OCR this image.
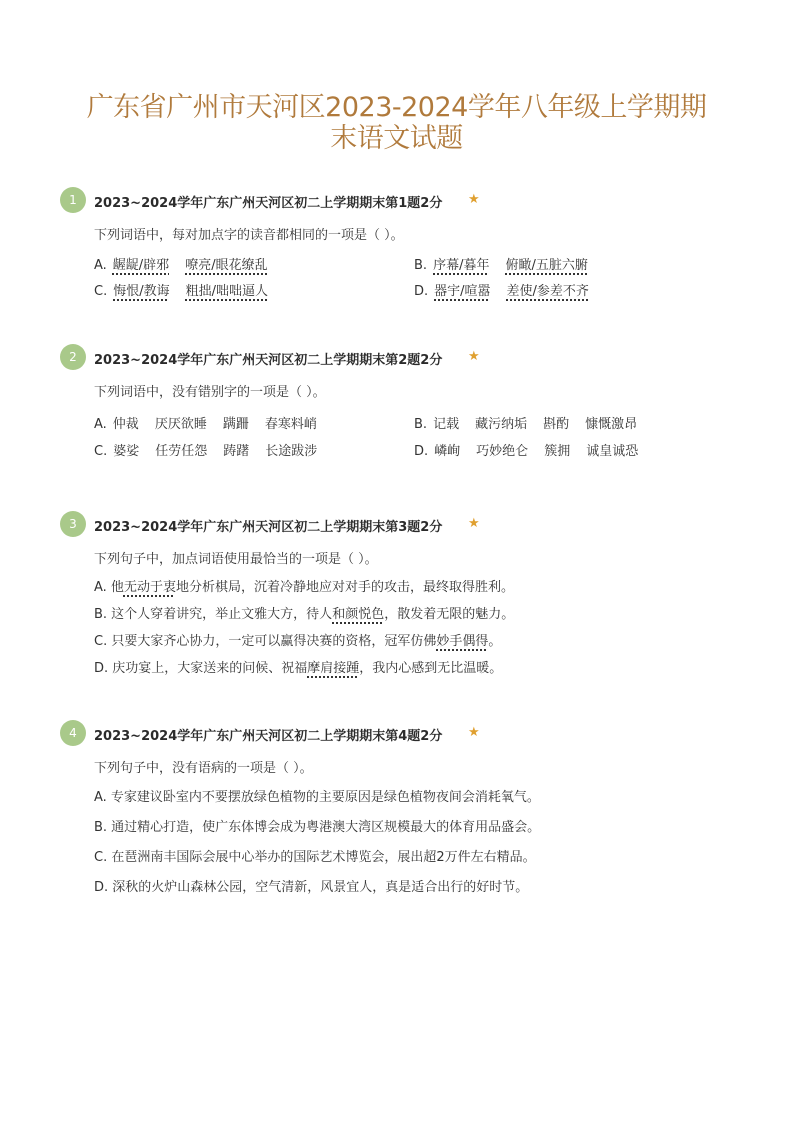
广东省广州市天河区2023-2024学年八年级上学期期
末语文试题
1	2023~2024学年广东广州天河区初二上学期期末第1题2分 ★
下列词语中，每对加点字的读音都相同的一项是（ ）。
A. 龌龊/辟邪 嘹亮/眼花缭乱	B. 序幕/暮年 俯瞰/五脏六腑
C. 悔恨/教诲 粗拙/咄咄逼人	D. 器宇/喧嚣 差使/参差不齐
2	2023~2024学年广东广州天河区初二上学期期末第2题2分 ★
下列词语中，没有错别字的一项是（ ）。
A. 仲裁 厌厌欲睡 蹒跚 春寒料峭	B. 记载 藏污纳垢 斟酌 慷慨激昂
C. 婆娑 任劳任怨 踌躇 长途跋涉	D. 嶙峋 巧妙绝仑 簇拥 诚皇诚恐
3	2023~2024学年广东广州天河区初二上学期期末第3题2分 ★
下列句子中，加点词语使用最恰当的一项是（ ）。
A. 他无动于衷地分析棋局，沉着冷静地应对对手的攻击，最终取得胜利。
B. 这个人穿着讲究，举止文雅大方，待人和颜悦色，散发着无限的魅力。
C. 只要大家齐心协力，一定可以赢得决赛的资格，冠军仿佛妙手偶得。
D. 庆功宴上，大家送来的问候、祝福摩肩接踵，我内心感到无比温暖。
4	2023~2024学年广东广州天河区初二上学期期末第4题2分 ★
下列句子中，没有语病的一项是（ ）。
A. 专家建议卧室内不要摆放绿色植物的主要原因是绿色植物夜间会消耗氧气。
B. 通过精心打造，使广东体博会成为粤港澳大湾区规模最大的体育用品盛会。
C. 在琶洲南丰国际会展中心举办的国际艺术博览会，展出超2万件左右精品。
D. 深秋的火炉山森林公园，空气清新，风景宜人，真是适合出行的好时节。
